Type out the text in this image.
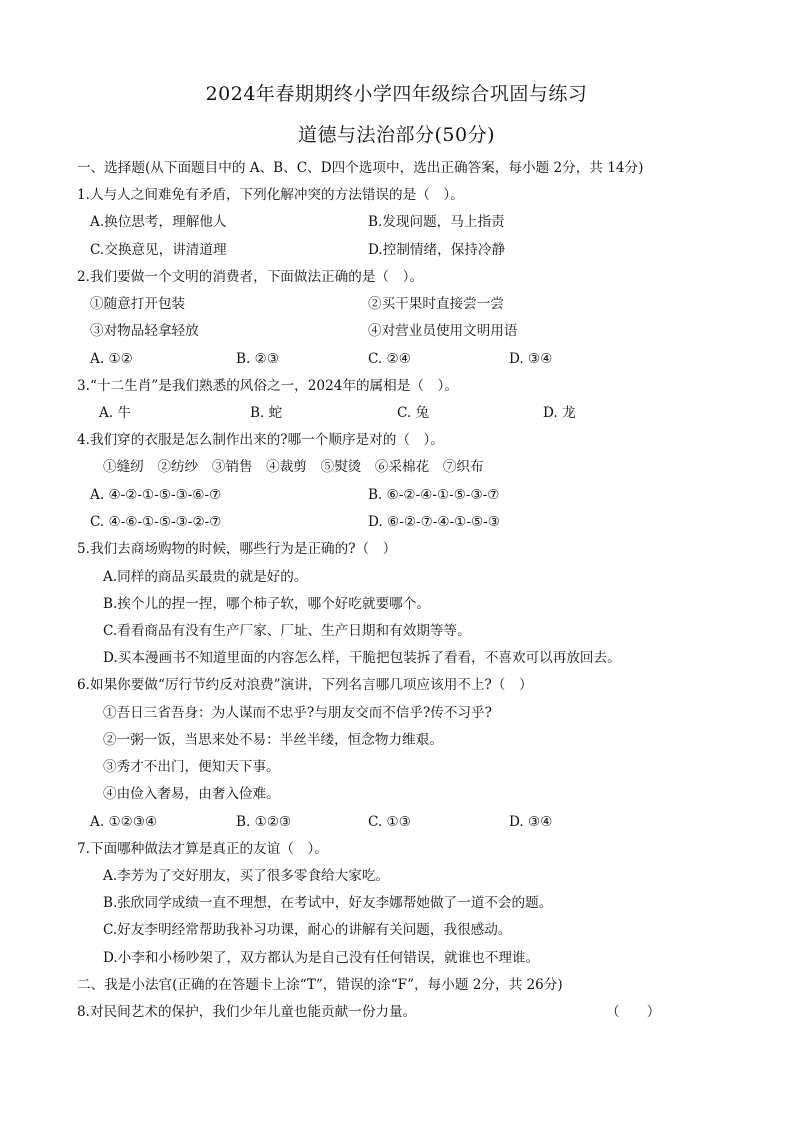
2024年春期期终小学四年级综合巩固与练习
道德与法治部分(50分)
一、选择题(从下面题目中的 A、B、C、D四个选项中，选出正确答案，每小题 2分，共 14分)
1.人与人之间难免有矛盾，下列化解冲突的方法错误的是（　）。
A.换位思考，理解他人	B.发现问题，马上指责
C.交换意见，讲清道理	D.控制情绪，保持冷静
2.我们要做一个文明的消费者，下面做法正确的是（　）。
①随意打开包装	②买干果时直接尝一尝
③对物品轻拿轻放	④对营业员使用文明用语
A. ①②	B. ②③	C. ②④	D. ③④
3.“十二生肖”是我们熟悉的风俗之一，2024年的属相是（　）。
A. 牛	B. 蛇	C. 兔	D. 龙
4.我们穿的衣服是怎么制作出来的?哪一个顺序是对的（　）。
①缝纫　②纺纱　③销售　④裁剪　⑤熨烫　⑥采棉花　⑦织布
A. ④-②-①-⑤-③-⑥-⑦	B. ⑥-②-④-①-⑤-③-⑦
C. ④-⑥-①-⑤-③-②-⑦	D. ⑥-②-⑦-④-①-⑤-③
5.我们去商场购物的时候，哪些行为是正确的?（　）
A.同样的商品买最贵的就是好的。
B.挨个儿的捏一捏，哪个柿子软，哪个好吃就要哪个。
C.看看商品有没有生产厂家、厂址、生产日期和有效期等等。
D.买本漫画书不知道里面的内容怎么样，干脆把包装拆了看看，不喜欢可以再放回去。
6.如果你要做“厉行节约反对浪费”演讲，下列名言哪几项应该用不上?（　）
①吾日三省吾身：为人谋而不忠乎?与朋友交而不信乎?传不习乎?
②一粥一饭，当思来处不易：半丝半缕，恒念物力维艰。
③秀才不出门，便知天下事。
④由俭入奢易，由奢入俭难。
A. ①②③④	B. ①②③	C. ①③	D. ③④
7.下面哪种做法才算是真正的友谊（　）。
A.李芳为了交好朋友，买了很多零食给大家吃。
B.张欣同学成绩一直不理想，在考试中，好友李娜帮她做了一道不会的题。
C.好友李明经常帮助我补习功课，耐心的讲解有关问题，我很感动。
D.小李和小杨吵架了，双方都认为是自己没有任何错误，就谁也不理谁。
二、我是小法官(正确的在答题卡上涂“T”，错误的涂“F”，每小题 2分，共 26分)
8.对民间艺术的保护，我们少年儿童也能贡献一份力量。	（　　）
